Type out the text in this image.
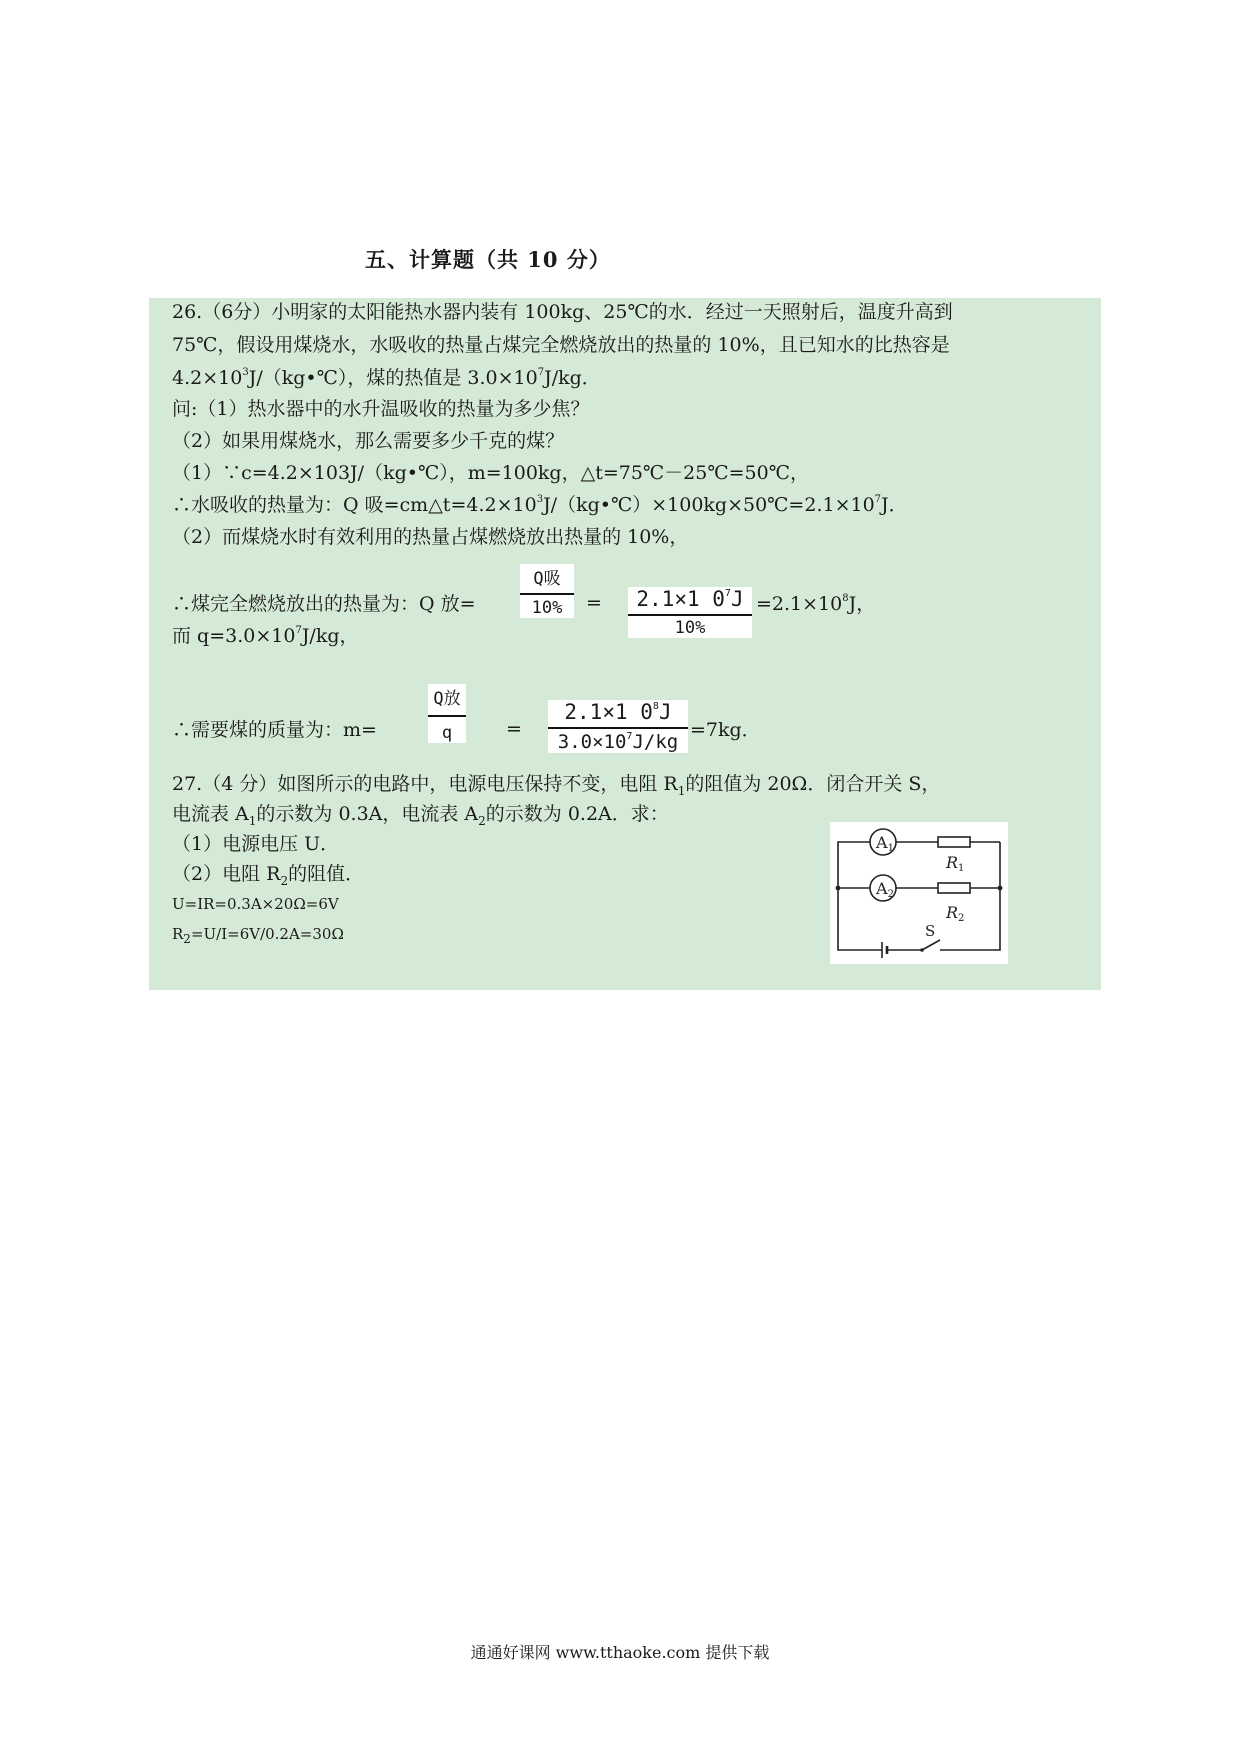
五、计算题（共 10 分）
26.（6分）小明家的太阳能热水器内装有 100kg、25℃的水．经过一天照射后，温度升高到
75℃，假设用煤烧水，水吸收的热量占煤完全燃烧放出的热量的 10%，且已知水的比热容是
$4.2\times 10^3J/(kg•℃)$，煤的热值是 $3.0\times 10^7J/kg$．
问:（1）热水器中的水升温吸收的热量为多少焦？
（2）如果用煤烧水，那么需要多少千克的煤？
（1）∵c=4.2×103J/（kg•℃），m=100kg，△t=75℃－25℃=50℃，
∴水吸收的热量为：Q 吸$=cm\triangle t=4.2\times 10^3J/(kg•℃)\times 100kg\times 50℃=2.1\times 10^7J$．
（2）而煤烧水时有效利用的热量占煤燃烧放出热量的 10%，
∴煤完全燃烧放出的热量为：Q 放=
Q吸
10%	=	2.1×1 $0^7J$
10%
$=2.1\times 10^8J$，
而 $q=3.0\times 10^7J/kg$，
∴需要煤的质量为：m=
Q放
q	= $\frac{2.1\times 1 0^8J}{3.0\times 10^7J/kg} =7kg$．
27.（4 分）如图所示的电路中，电源电压保持不变，电阻 $R_1$的阻值为 20Ω．闭合开关 S，
电流表 $A_1$的示数为 0.3A，电流表 $A_2$的示数为 0.2A．求：
（1）电源电压 U．
（2）电阻 $R_2$的阻值．
U=IR=0.3A×20Ω=6V
$R_2=U/I=6V/0.2A=30\Omega$
A1
A2
R1
R2
S
通通好课网 www.tthaoke.com 提供下载
